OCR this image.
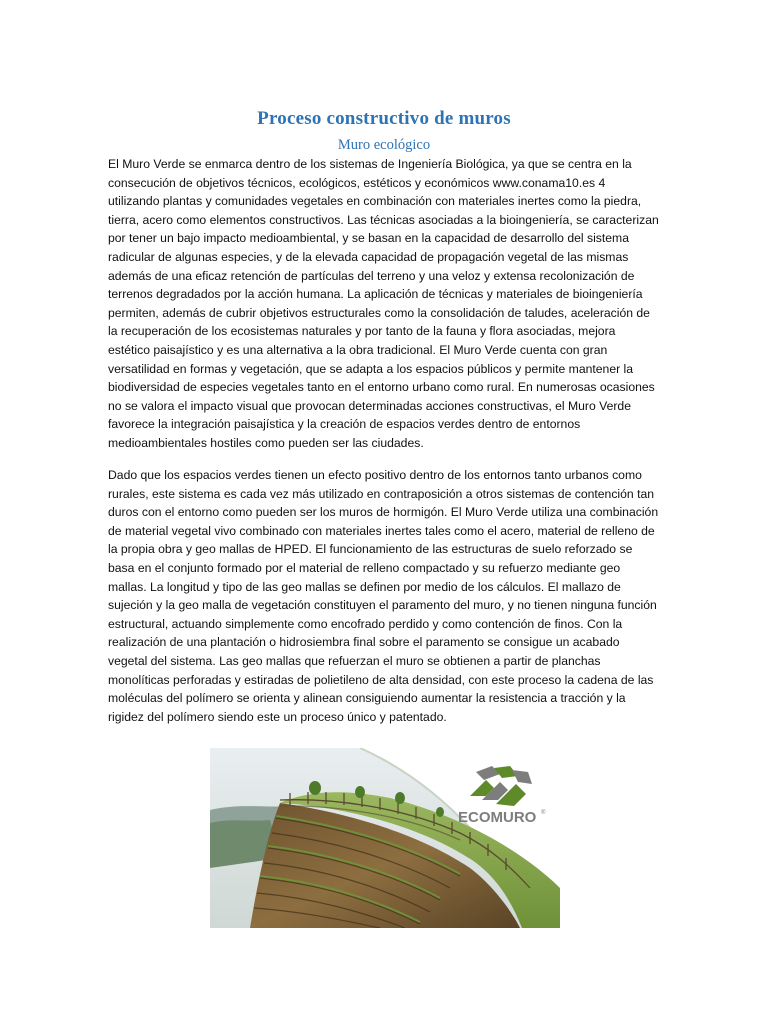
Proceso constructivo de muros
Muro ecológico

El Muro Verde se enmarca dentro de los sistemas de Ingeniería Biológica, ya que se centra en la consecución de objetivos técnicos, ecológicos, estéticos y económicos www.conama10.es 4 utilizando plantas y comunidades vegetales en combinación con materiales inertes como la piedra, tierra, acero como elementos constructivos. Las técnicas asociadas a la bioingeniería, se caracterizan por tener un bajo impacto medioambiental, y se basan en la capacidad de desarrollo del sistema radicular de algunas especies, y de la elevada capacidad de propagación vegetal de las mismas además de una eficaz retención de partículas del terreno y una veloz y extensa recolonización de terrenos degradados por la acción humana. La aplicación de técnicas y materiales de bioingeniería permiten, además de cubrir objetivos estructurales como la consolidación de taludes, aceleración de la recuperación de los ecosistemas naturales y por tanto de la fauna y flora asociadas, mejora estético paisajístico y es una alternativa a la obra tradicional. El Muro Verde cuenta con gran versatilidad en formas y vegetación, que se adapta a los espacios públicos y permite mantener la biodiversidad de especies vegetales tanto en el entorno urbano como rural. En numerosas ocasiones no se valora el impacto visual que provocan determinadas acciones constructivas, el Muro Verde favorece la integración paisajística y la creación de espacios verdes dentro de entornos medioambientales hostiles como pueden ser las ciudades.

Dado que los espacios verdes tienen un efecto positivo dentro de los entornos tanto urbanos como rurales, este sistema es cada vez más utilizado en contraposición a otros sistemas de contención tan duros con el entorno como pueden ser los muros de hormigón. El Muro Verde utiliza una combinación de material vegetal vivo combinado con materiales inertes tales como el acero, material de relleno de la propia obra y geo mallas de HPED. El funcionamiento de las estructuras de suelo reforzado se basa en el conjunto formado por el material de relleno compactado y su refuerzo mediante geo mallas. La longitud y tipo de las geo mallas se definen por medio de los cálculos. El mallazo de sujeción y la geo malla de vegetación constituyen el paramento del muro, y no tienen ninguna función estructural, actuando simplemente como encofrado perdido y como contención de finos. Con la realización de una plantación o hidrosiembra final sobre el paramento se consigue un acabado vegetal del sistema. Las geo mallas que refuerzan el muro se obtienen a partir de planchas monolíticas perforadas y estiradas de polietileno de alta densidad, con este proceso la cadena de las moléculas del polímero se orienta y alinean consiguiendo aumentar la resistencia a tracción y la rigidez del polímero siendo este un proceso único y patentado.

ECOMURO ®
